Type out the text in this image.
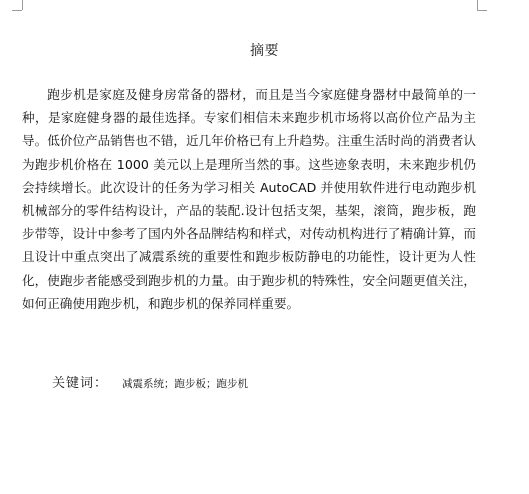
摘要

跑步机是家庭及健身房常备的器材，而且是当今家庭健身器材中最简单的一种，是家庭健身器的最佳选择。专家们相信未来跑步机市场将以高价位产品为主导。低价位产品销售也不错，近几年价格已有上升趋势。注重生活时尚的消费者认为跑步机价格在 1000 美元以上是理所当然的事。这些迹象表明，未来跑步机仍会持续增长。此次设计的任务为学习相关 AutoCAD 并使用软件进行电动跑步机机械部分的零件结构设计，产品的装配.设计包括支架，基架，滚筒，跑步板，跑步带等，设计中参考了国内外各品牌结构和样式，对传动机构进行了精确计算，而且设计中重点突出了减震系统的重要性和跑步板防静电的功能性，设计更为人性化，使跑步者能感受到跑步机的力量。由于跑步机的特殊性，安全问题更值关注，如何正确使用跑步机，和跑步机的保养同样重要。

关键词： 减震系统；跑步板；跑步机
